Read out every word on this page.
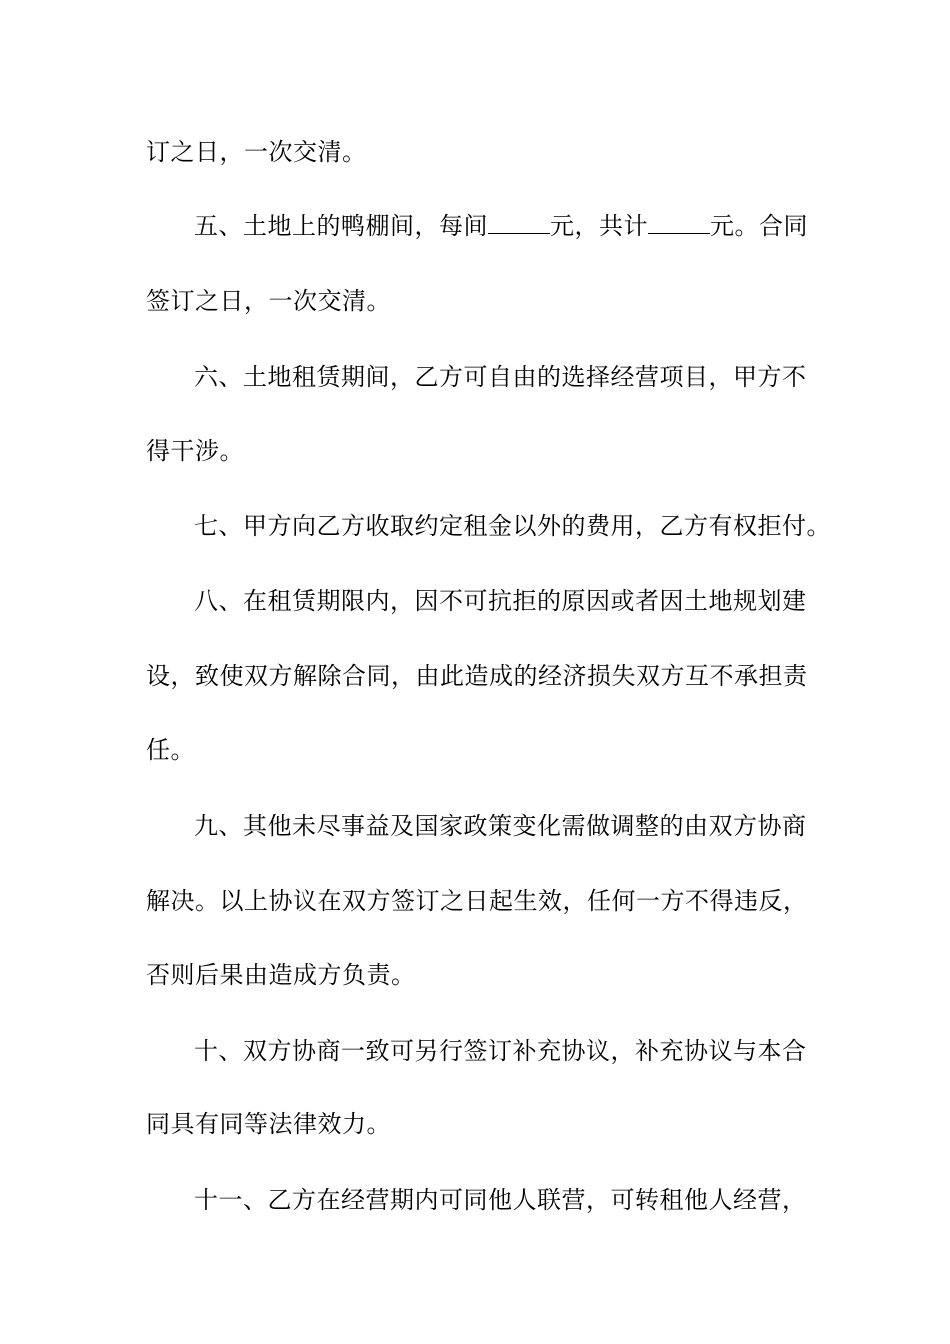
订之日，一次交清。
五、土地上的鸭棚间，每间	元，共计	元。合同
签订之日，一次交清。
六、土地租赁期间，乙方可自由的选择经营项目，甲方不
得干涉。
七、甲方向乙方收取约定租金以外的费用，乙方有权拒付。
八、在租赁期限内，因不可抗拒的原因或者因土地规划建
设，致使双方解除合同，由此造成的经济损失双方互不承担责
任。
九、其他未尽事益及国家政策变化需做调整的由双方协商
解决。以上协议在双方签订之日起生效，任何一方不得违反，
否则后果由造成方负责。
十、双方协商一致可另行签订补充协议，补充协议与本合
同具有同等法律效力。
十一、乙方在经营期内可同他人联营，可转租他人经营，
